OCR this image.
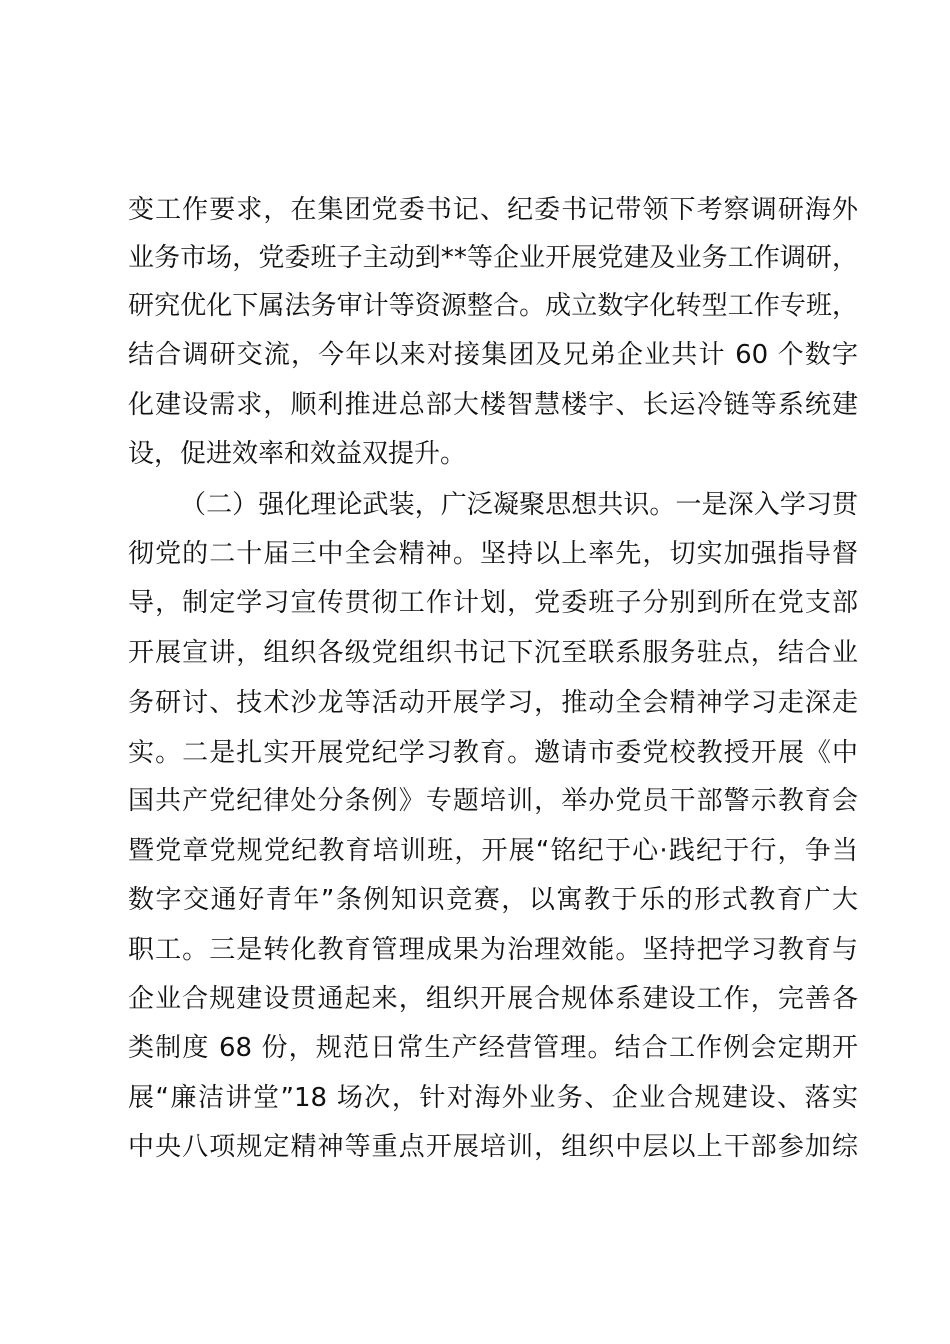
变工作要求，在集团党委书记、纪委书记带领下考察调研海外
业务市场，党委班子主动到**等企业开展党建及业务工作调研，
研究优化下属法务审计等资源整合。成立数字化转型工作专班，
结合调研交流，今年以来对接集团及兄弟企业共计 60 个数字
化建设需求，顺利推进总部大楼智慧楼宇、长运冷链等系统建
设，促进效率和效益双提升。
（二）强化理论武装，广泛凝聚思想共识。一是深入学习贯
彻党的二十届三中全会精神。坚持以上率先，切实加强指导督
导，制定学习宣传贯彻工作计划，党委班子分别到所在党支部
开展宣讲，组织各级党组织书记下沉至联系服务驻点，结合业
务研讨、技术沙龙等活动开展学习，推动全会精神学习走深走
实。二是扎实开展党纪学习教育。邀请市委党校教授开展《中
国共产党纪律处分条例》专题培训，举办党员干部警示教育会
暨党章党规党纪教育培训班，开展“铭纪于心·践纪于行，争当
数字交通好青年”条例知识竞赛，以寓教于乐的形式教育广大
职工。三是转化教育管理成果为治理效能。坚持把学习教育与
企业合规建设贯通起来，组织开展合规体系建设工作，完善各
类制度 68 份，规范日常生产经营管理。结合工作例会定期开
展“廉洁讲堂”18 场次，针对海外业务、企业合规建设、落实
中央八项规定精神等重点开展培训，组织中层以上干部参加综
